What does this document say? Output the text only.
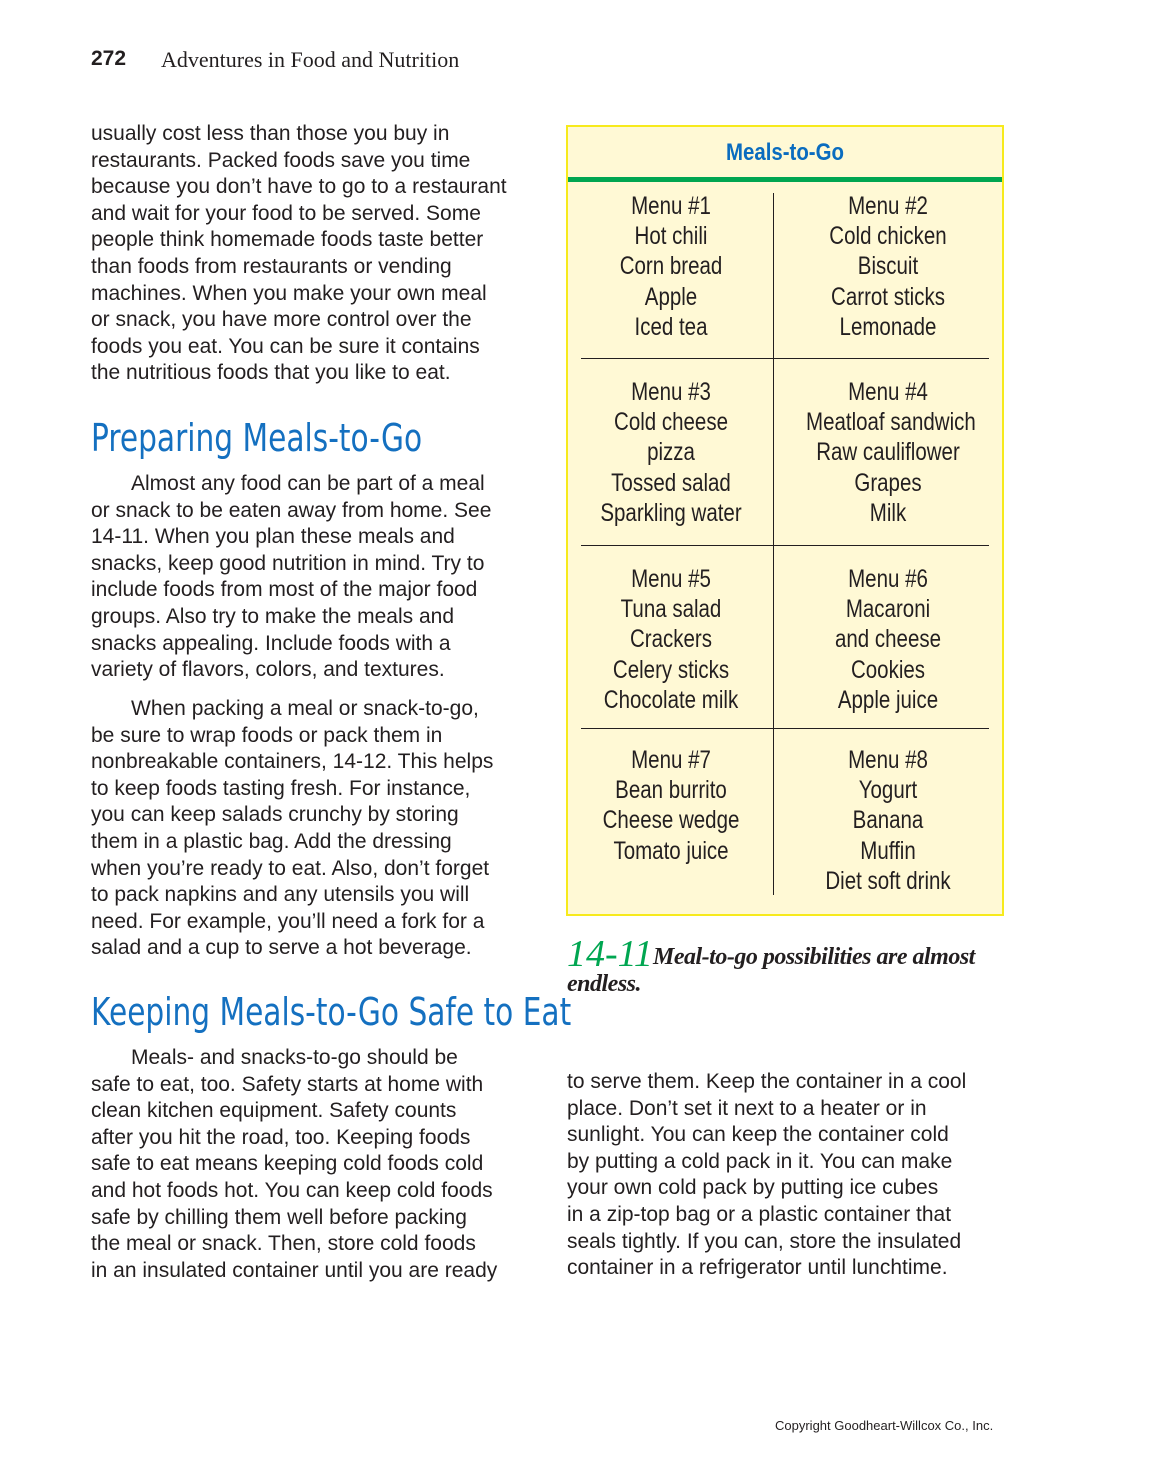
272 Adventures in Food and Nutrition
usually cost less than those you buy in
restaurants. Packed foods save you time
because you don’t have to go to a restaurant
and wait for your food to be served. Some
people think homemade foods taste better
than foods from restaurants or vending
machines. When you make your own meal
or snack, you have more control over the
foods you eat. You can be sure it contains
the nutritious foods that you like to eat.
Preparing Meals-to-Go
Almost any food can be part of a meal
or snack to be eaten away from home. See
14-11. When you plan these meals and
snacks, keep good nutrition in mind. Try to
include foods from most of the major food
groups. Also try to make the meals and
snacks appealing. Include foods with a
variety of flavors, colors, and textures.
When packing a meal or snack-to-go,
be sure to wrap foods or pack them in
nonbreakable containers, 14-12. This helps
to keep foods tasting fresh. For instance,
you can keep salads crunchy by storing
them in a plastic bag. Add the dressing
when you’re ready to eat. Also, don’t forget
to pack napkins and any utensils you will
need. For example, you’ll need a fork for a
salad and a cup to serve a hot beverage.
Keeping Meals-to-Go Safe to Eat
Meals- and snacks-to-go should be
safe to eat, too. Safety starts at home with
clean kitchen equipment. Safety counts
after you hit the road, too. Keeping foods
safe to eat means keeping cold foods cold
and hot foods hot. You can keep cold foods
safe by chilling them well before packing
the meal or snack. Then, store cold foods
in an insulated container until you are ready
Meals-to-Go
Menu #1
Hot chili
Corn bread
Apple
Iced tea
Menu #2
Cold chicken
Biscuit
Carrot sticks
Lemonade
Menu #3
Cold cheese
pizza
Tossed salad
Sparkling water
Menu #4
Meatloaf sandwich
Raw cauliflower
Grapes
Milk
Menu #5
Tuna salad
Crackers
Celery sticks
Chocolate milk
Menu #6
Macaroni
and cheese
Cookies
Apple juice
Menu #7
Bean burrito
Cheese wedge
Tomato juice
Menu #8
Yogurt
Banana
Muffin
Diet soft drink
Meal-to-go possibilities are almost endless.
14-11
to serve them. Keep the container in a cool
place. Don’t set it next to a heater or in
sunlight. You can keep the container cold
by putting a cold pack in it. You can make
your own cold pack by putting ice cubes
in a zip-top bag or a plastic container that
seals tightly. If you can, store the insulated
container in a refrigerator until lunchtime.
Copyright Goodheart-Willcox Co., Inc.
